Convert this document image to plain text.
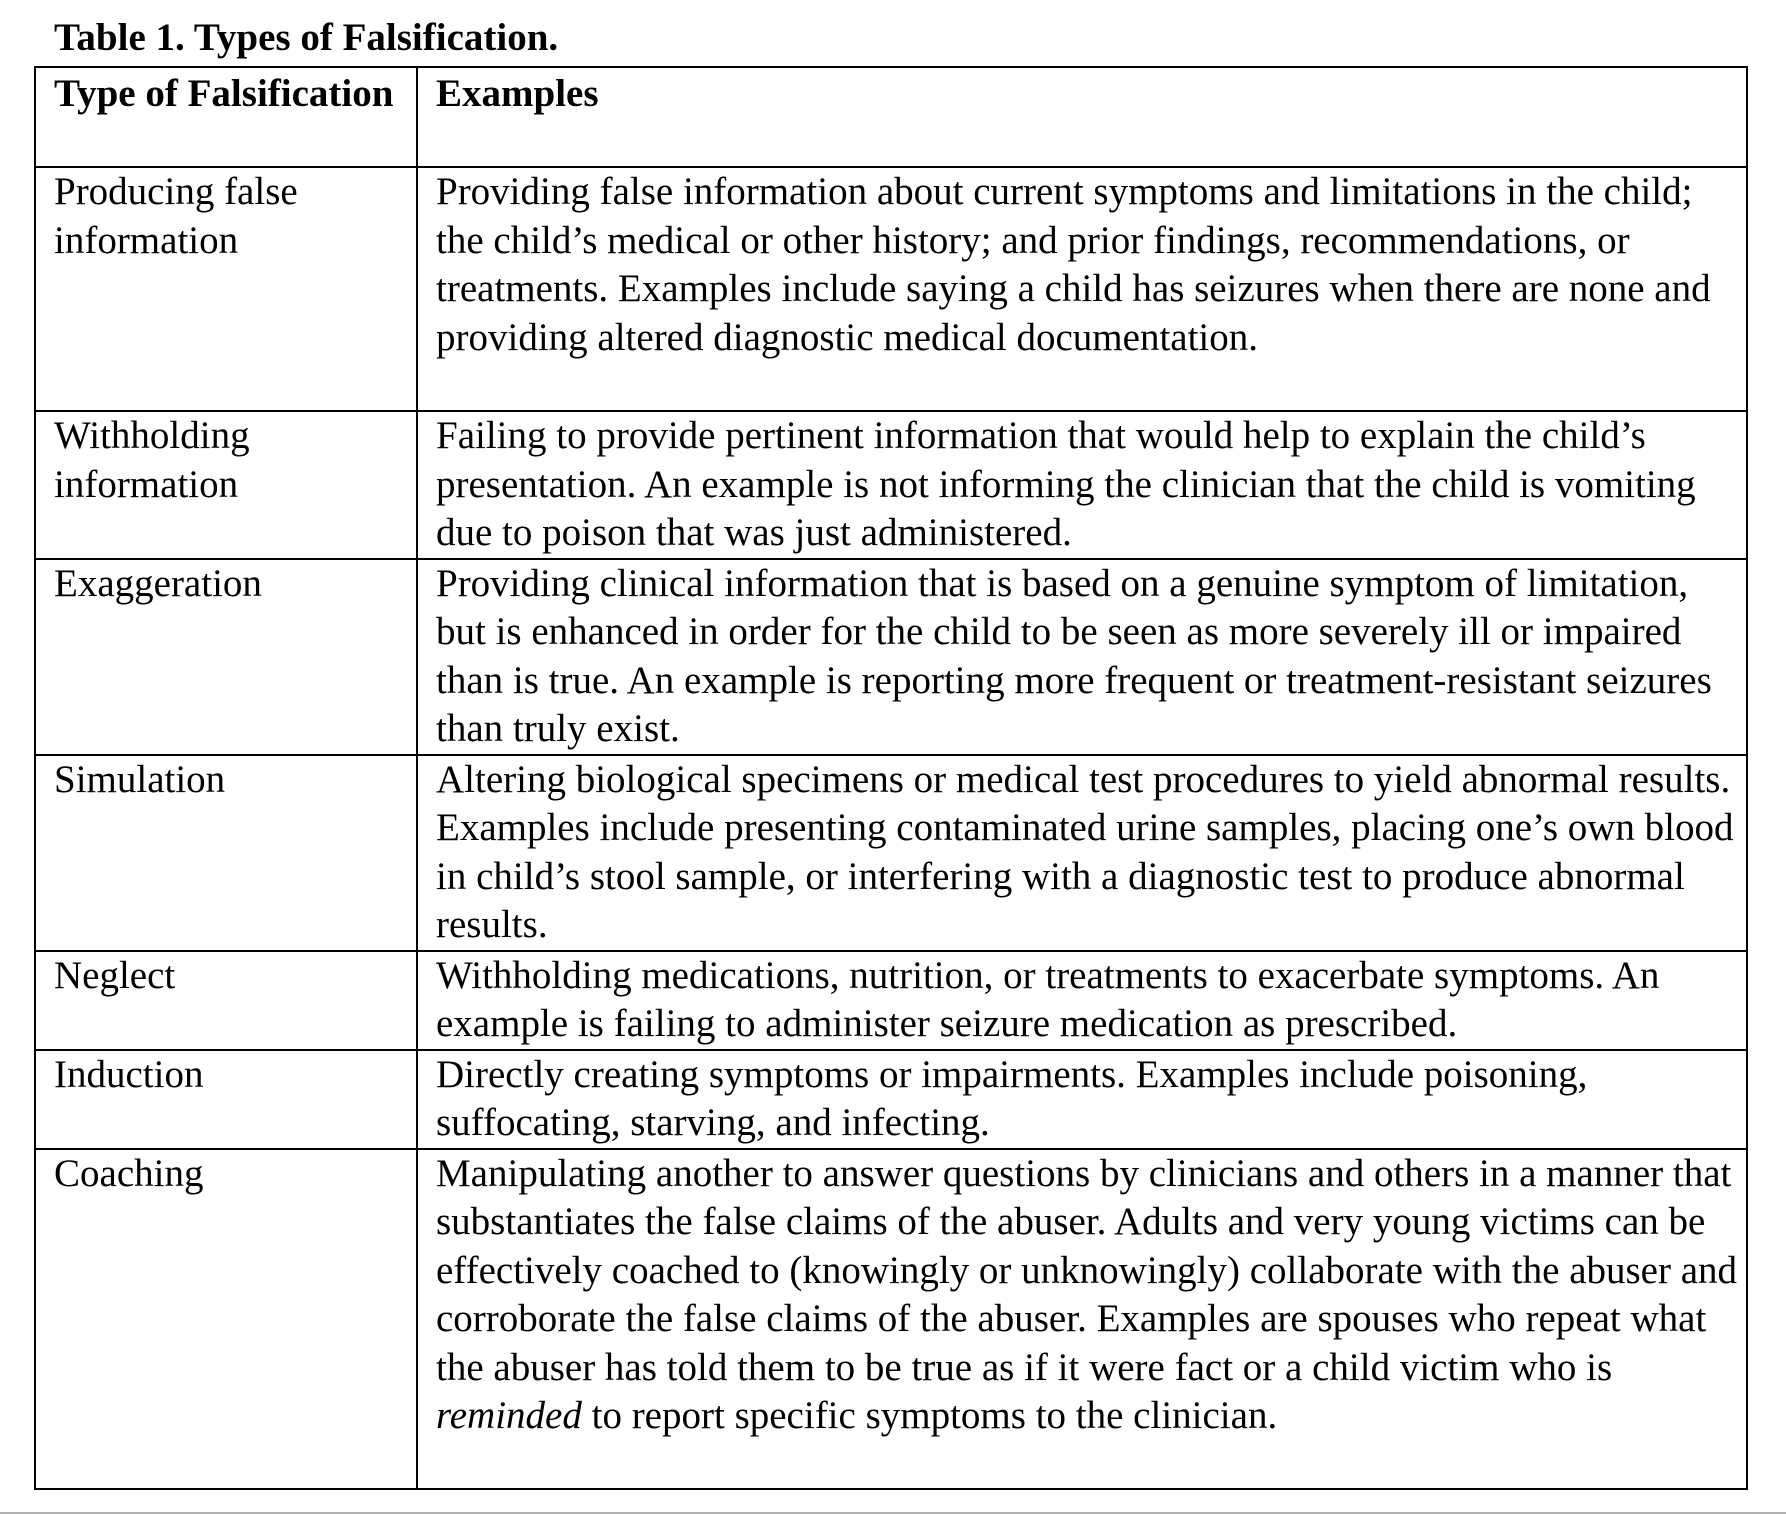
Table 1. Types of Falsification.
Type of Falsification	Examples
Producing false information	Providing false information about current symptoms and limitations in the child; the child’s medical or other history; and prior findings, recommendations, or treatments. Examples include saying a child has seizures when there are none and providing altered diagnostic medical documentation.
Withholding information	Failing to provide pertinent information that would help to explain the child’s presentation. An example is not informing the clinician that the child is vomiting due to poison that was just administered.
Exaggeration	Providing clinical information that is based on a genuine symptom of limitation, but is enhanced in order for the child to be seen as more severely ill or impaired than is true. An example is reporting more frequent or treatment-resistant seizures than truly exist.
Simulation	Altering biological specimens or medical test procedures to yield abnormal results. Examples include presenting contaminated urine samples, placing one’s own blood in child’s stool sample, or interfering with a diagnostic test to produce abnormal results.
Neglect	Withholding medications, nutrition, or treatments to exacerbate symptoms. An example is failing to administer seizure medication as prescribed.
Induction	Directly creating symptoms or impairments. Examples include poisoning, suffocating, starving, and infecting.
Coaching	Manipulating another to answer questions by clinicians and others in a manner that substantiates the false claims of the abuser. Adults and very young victims can be effectively coached to (knowingly or unknowingly) collaborate with the abuser and corroborate the false claims of the abuser. Examples are spouses who repeat what the abuser has told them to be true as if it were fact or a child victim who is reminded to report specific symptoms to the clinician.
